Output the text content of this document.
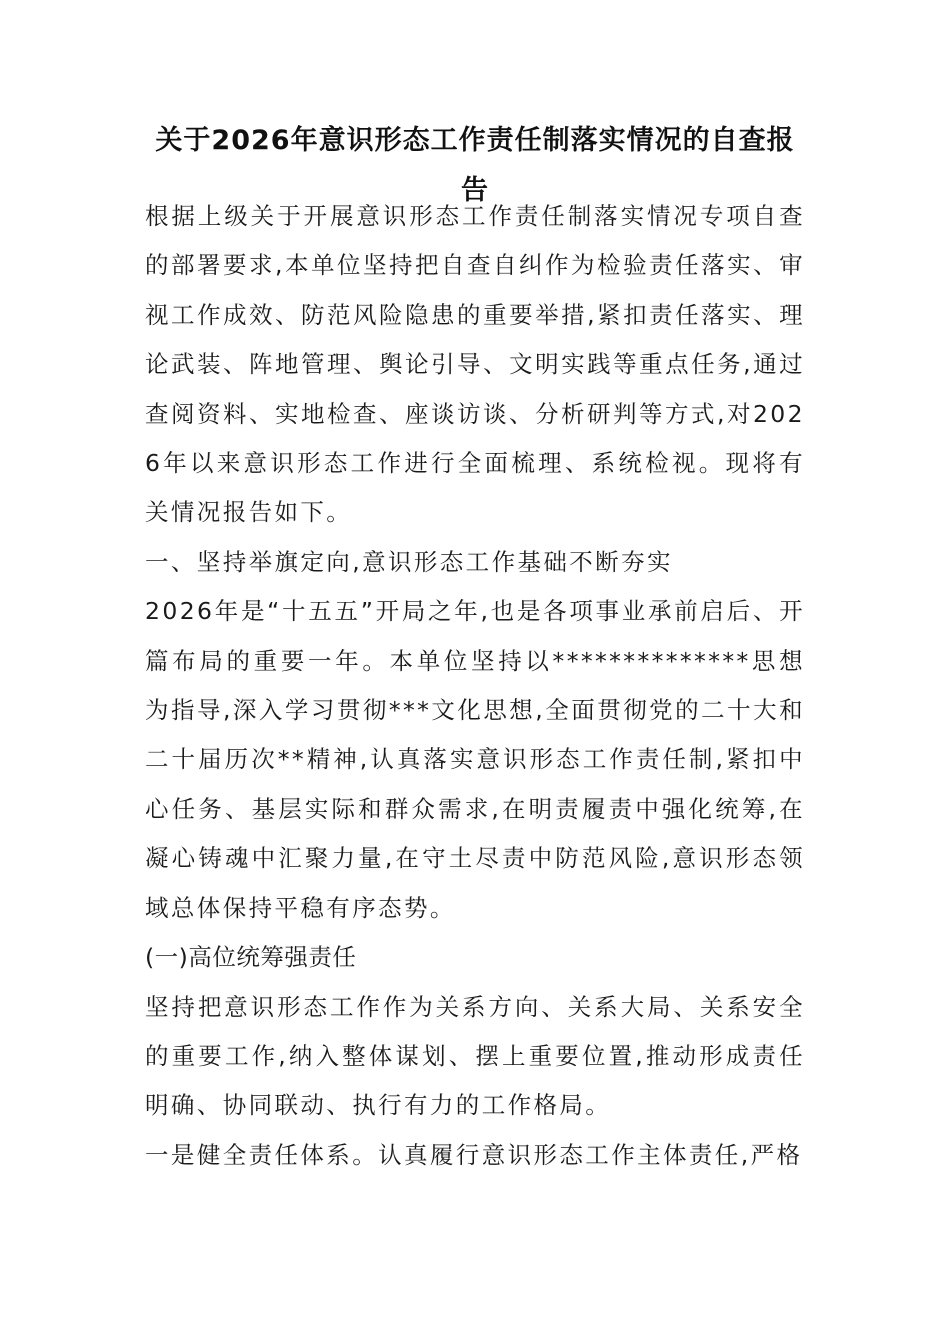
关于2026年意识形态工作责任制落实情况的自查报告

根据上级关于开展意识形态工作责任制落实情况专项自查的部署要求,本单位坚持把自查自纠作为检验责任落实、审视工作成效、防范风险隐患的重要举措,紧扣责任落实、理论武装、阵地管理、舆论引导、文明实践等重点任务,通过查阅资料、实地检查、座谈访谈、分析研判等方式,对2026年以来意识形态工作进行全面梳理、系统检视。现将有关情况报告如下。

一、坚持举旗定向,意识形态工作基础不断夯实

2026年是“十五五”开局之年,也是各项事业承前启后、开篇布局的重要一年。本单位坚持以**************思想为指导,深入学习贯彻***文化思想,全面贯彻党的二十大和二十届历次**精神,认真落实意识形态工作责任制,紧扣中心任务、基层实际和群众需求,在明责履责中强化统筹,在凝心铸魂中汇聚力量,在守土尽责中防范风险,意识形态领域总体保持平稳有序态势。

(一)高位统筹强责任

坚持把意识形态工作作为关系方向、关系大局、关系安全的重要工作,纳入整体谋划、摆上重要位置,推动形成责任明确、协同联动、执行有力的工作格局。

一是健全责任体系。认真履行意识形态工作主体责任,严格
